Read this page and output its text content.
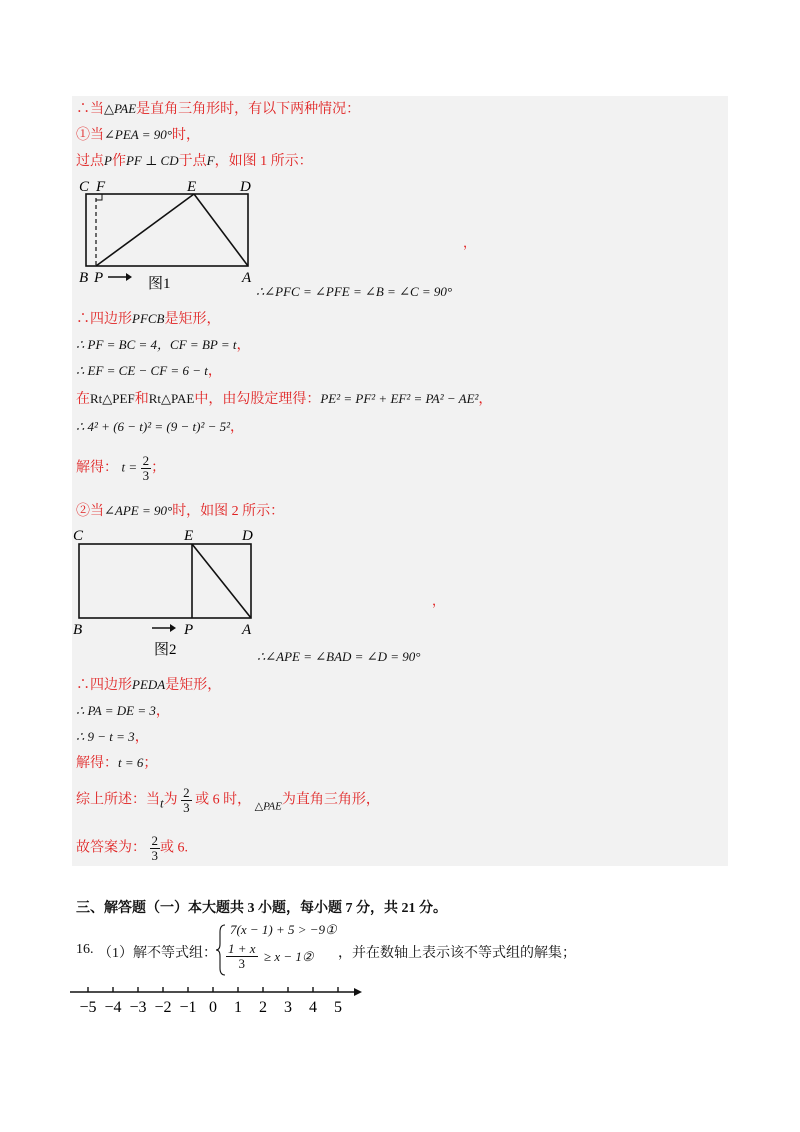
∴当△PAE是直角三角形时，有以下两种情况：
①当∠PEA = 90°时，
过点P作PF ⊥ CD于点F，如图 1 所示：
C F	E	D
B P	A
图1
，
∴∠PFC = ∠PFE = ∠B = ∠C = 90°
∴四边形PFCB是矩形，
∴ PF = BC = 4，CF = BP = t，
∴ EF = CE − CF = 6 − t，
在Rt△PEF和Rt△PAE中，由勾股定理得：PE² = PF² + EF² = PA² − AE²，
∴ 4² + (6 − t)² = (9 − t)² − 5²，
解得： $t = \frac{2}{3}$ ；
②当∠APE = 90°时，如图 2 所示：
C	E	D
B	P	A
图2
，
∴∠APE = ∠BAD = ∠D = 90°
∴四边形PEDA是矩形，
∴ PA = DE = 3，
∴ 9 − t = 3，
解得：t = 6；
综上所述：当t为 $\frac{2}{3}$ 或 6 时， $_{\triangle PAE}$为直角三角形，
故答案为： $\frac{2}{3}$ 或 6.
三、解答题（一）本大题共 3 小题，每小题 7 分，共 21 分。
16. （1）解不等式组：
7(x − 1) + 5 > −9①
$\frac{1 + x}{3} \ge x$ − 1② ，并在数轴上表示该不等式组的解集；
−5 −4 −3 −2 −1 0 1 2 3 4 5
